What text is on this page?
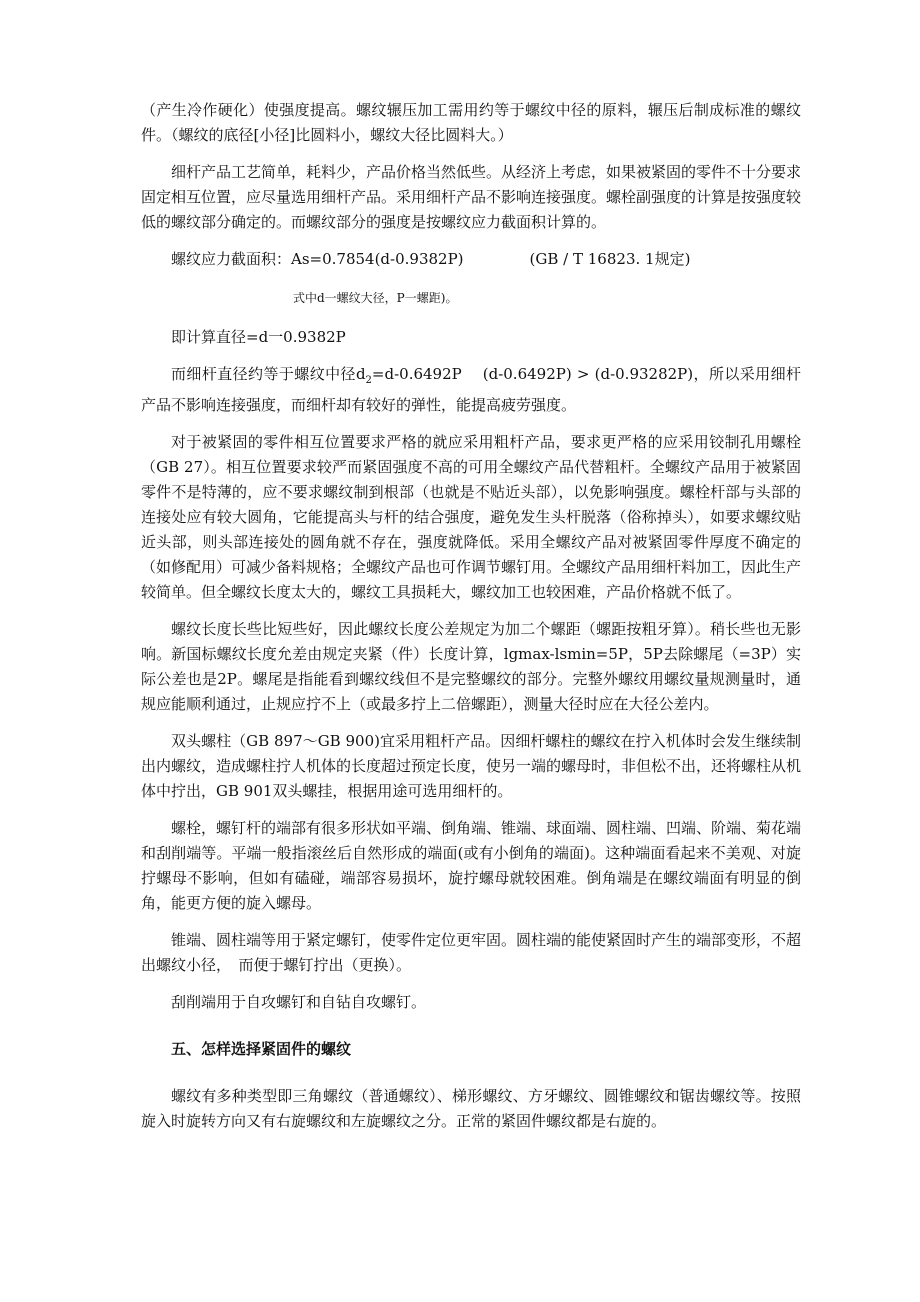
（产生冷作硬化）使强度提高。螺纹辗压加工需用约等于螺纹中径的原料，辗压后制成标准的螺纹件。（螺纹的底径[小径]比圆料小，螺纹大径比圆料大。）

细杆产品工艺简单，耗料少，产品价格当然低些。从经济上考虑，如果被紧固的零件不十分要求固定相互位置，应尽量选用细杆产品。采用细杆产品不影响连接强度。螺栓副强度的计算是按强度较低的螺纹部分确定的。而螺纹部分的强度是按螺纹应力截面积计算的。

螺纹应力截面积：As=0.7854(d-0.9382P)	(GB / T 16823. 1规定)

式中d一螺纹大径，P一螺距)。

即计算直径=d一0.9382P

而细杆直径约等于螺纹中径$d_2=d-0.6492P$　 (d-0.6492P) > (d-0.93282P)，所以采用细杆产品不影响连接强度，而细杆却有较好的弹性，能提高疲劳强度。

对于被紧固的零件相互位置要求严格的就应采用粗杆产品，要求更严格的应采用铰制孔用螺栓（GB 27）。相互位置要求较严而紧固强度不高的可用全螺纹产品代替粗杆。全螺纹产品用于被紧固零件不是特薄的，应不要求螺纹制到根部（也就是不贴近头部），以免影响强度。螺栓杆部与头部的连接处应有较大圆角，它能提高头与杆的结合强度，避免发生头杆脱落（俗称掉头），如要求螺纹贴近头部，则头部连接处的圆角就不存在，强度就降低。采用全螺纹产品对被紧固零件厚度不确定的（如修配用）可减少备料规格；全螺纹产品也可作调节螺钉用。全螺纹产品用细杆料加工，因此生产较简单。但全螺纹长度太大的，螺纹工具损耗大，螺纹加工也较困难，产品价格就不低了。

螺纹长度长些比短些好，因此螺纹长度公差规定为加二个螺距（螺距按粗牙算）。稍长些也无影响。新国标螺纹长度允差由规定夹紧（件）长度计算，lgmax-lsmin=5P，5P去除螺尾（=3P）实际公差也是2P。螺尾是指能看到螺纹线但不是完整螺纹的部分。完整外螺纹用螺纹量规测量时，通规应能顺利通过，止规应拧不上（或最多拧上二倍螺距），测量大径时应在大径公差内。

双头螺柱（GB 897～GB 900)宜采用粗杆产品。因细杆螺柱的螺纹在拧入机体时会发生继续制出内螺纹，造成螺柱拧人机体的长度超过预定长度，使另一端的螺母时，非但松不出，还将螺柱从机体中拧出，GB 901双头螺挂，根据用途可选用细杆的。

螺栓，螺钉杆的端部有很多形状如平端、倒角端、锥端、球面端、圆柱端、凹端、阶端、菊花端和刮削端等。平端一般指滚丝后自然形成的端面(或有小倒角的端面)。这种端面看起来不美观、对旋拧螺母不影响，但如有磕碰，端部容易损坏，旋拧螺母就较困难。倒角端是在螺纹端面有明显的倒角，能更方便的旋入螺母。

锥端、圆柱端等用于紧定螺钉，使零件定位更牢固。圆柱端的能使紧固时产生的端部变形，不超出螺纹小径，　而便于螺钉拧出（更换）。

刮削端用于自攻螺钉和自钻自攻螺钉。

五、怎样选择紧固件的螺纹

螺纹有多种类型即三角螺纹（普通螺纹）、梯形螺纹、方牙螺纹、圆锥螺纹和锯齿螺纹等。按照旋入时旋转方向又有右旋螺纹和左旋螺纹之分。正常的紧固件螺纹都是右旋的。
